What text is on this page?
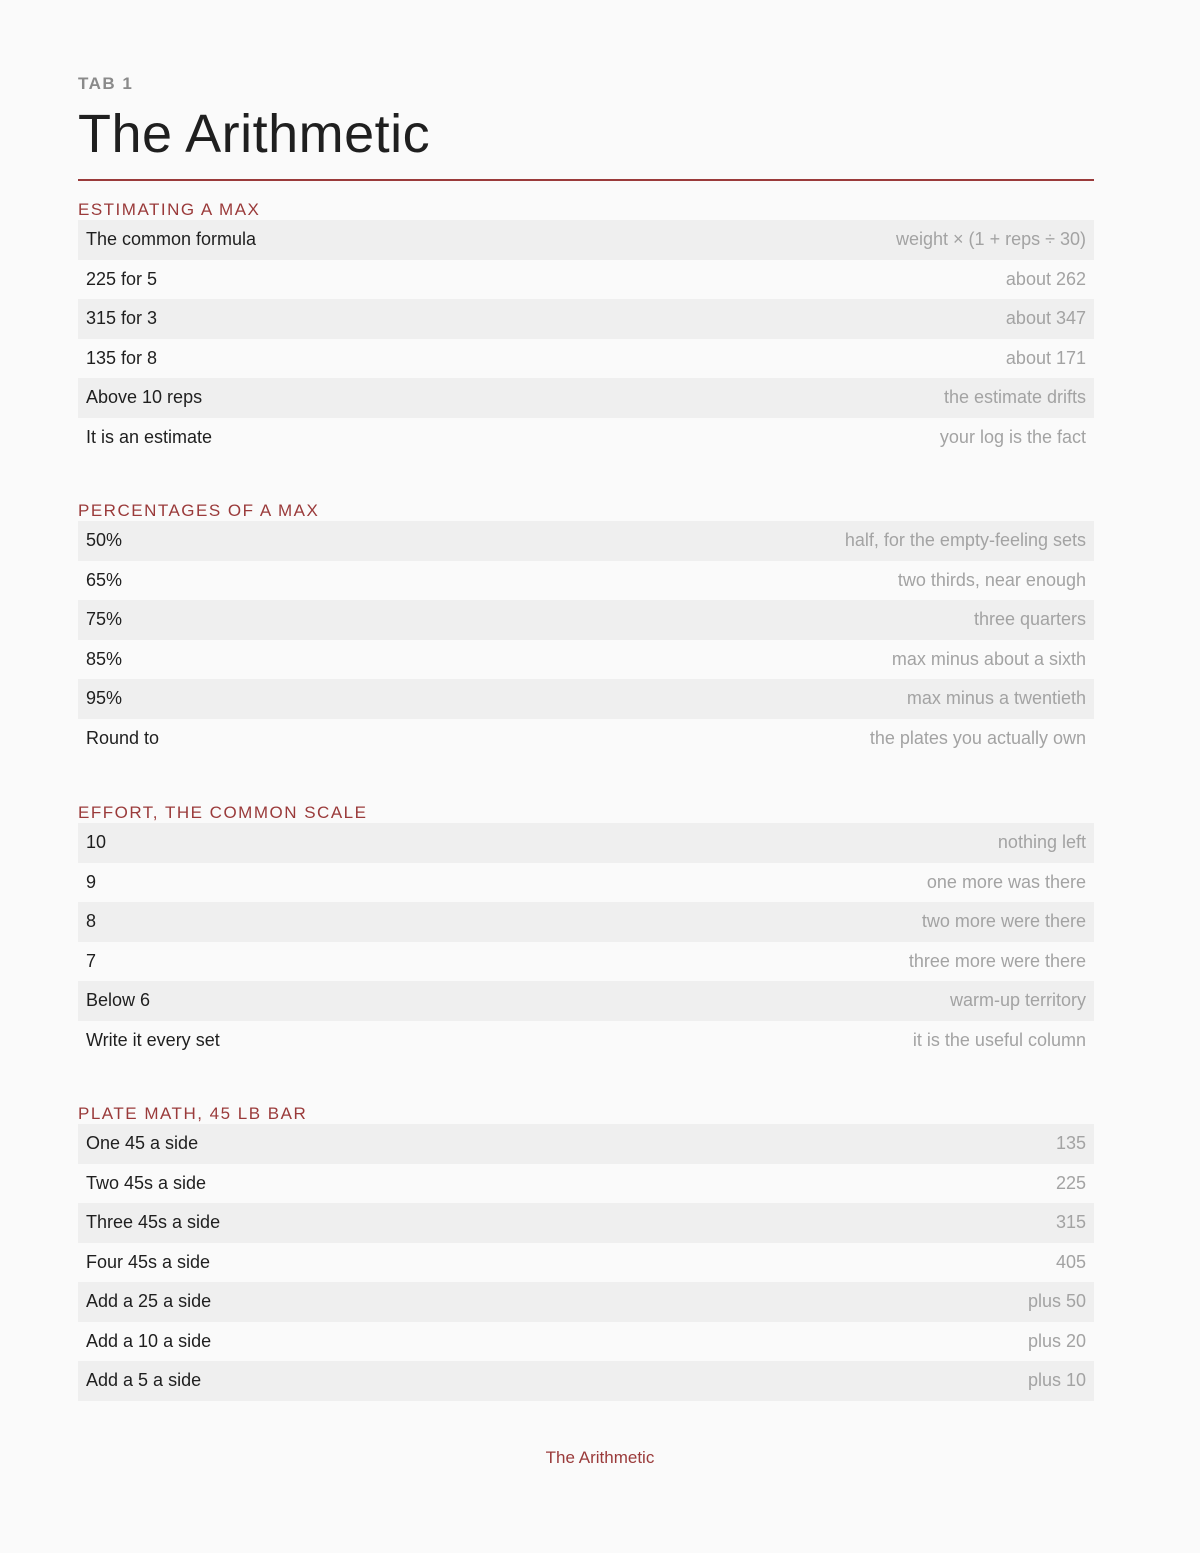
TAB 1
The Arithmetic
ESTIMATING A MAX
The common formula	weight × (1 + reps ÷ 30)
225 for 5	about 262
315 for 3	about 347
135 for 8	about 171
Above 10 reps	the estimate drifts
It is an estimate	your log is the fact
PERCENTAGES OF A MAX
50%	half, for the empty-feeling sets
65%	two thirds, near enough
75%	three quarters
85%	max minus about a sixth
95%	max minus a twentieth
Round to	the plates you actually own
EFFORT, THE COMMON SCALE
10	nothing left
9	one more was there
8	two more were there
7	three more were there
Below 6	warm-up territory
Write it every set	it is the useful column
PLATE MATH, 45 LB BAR
One 45 a side	135
Two 45s a side	225
Three 45s a side	315
Four 45s a side	405
Add a 25 a side	plus 50
Add a 10 a side	plus 20
Add a 5 a side	plus 10
The Arithmetic
